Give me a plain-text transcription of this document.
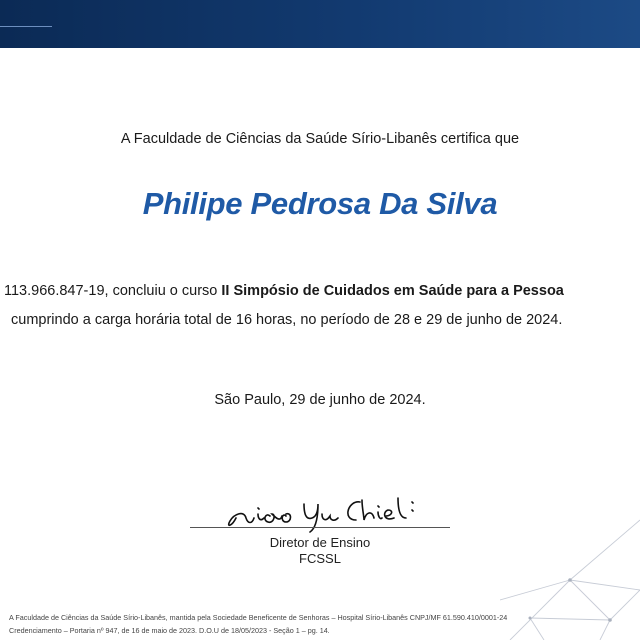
A Faculdade de Ciências da Saúde Sírio-Libanês certifica que
Philipe Pedrosa Da Silva
113.966.847-19, concluiu o curso II Simpósio de Cuidados em Saúde para a Pessoa
cumprindo a carga horária total de 16 horas, no período de 28 e 29 de junho de 2024.
São Paulo, 29 de junho de 2024.
Diretor de Ensino
FCSSL
A Faculdade de Ciências da Saúde Sírio-Libanês, mantida pela Sociedade Beneficente de Senhoras – Hospital Sírio-Libanês CNPJ/MF 61.590.410/0001-24
Credenciamento – Portaria nº 947, de 16 de maio de 2023. D.O.U de 18/05/2023 - Seção 1 – pg. 14.
